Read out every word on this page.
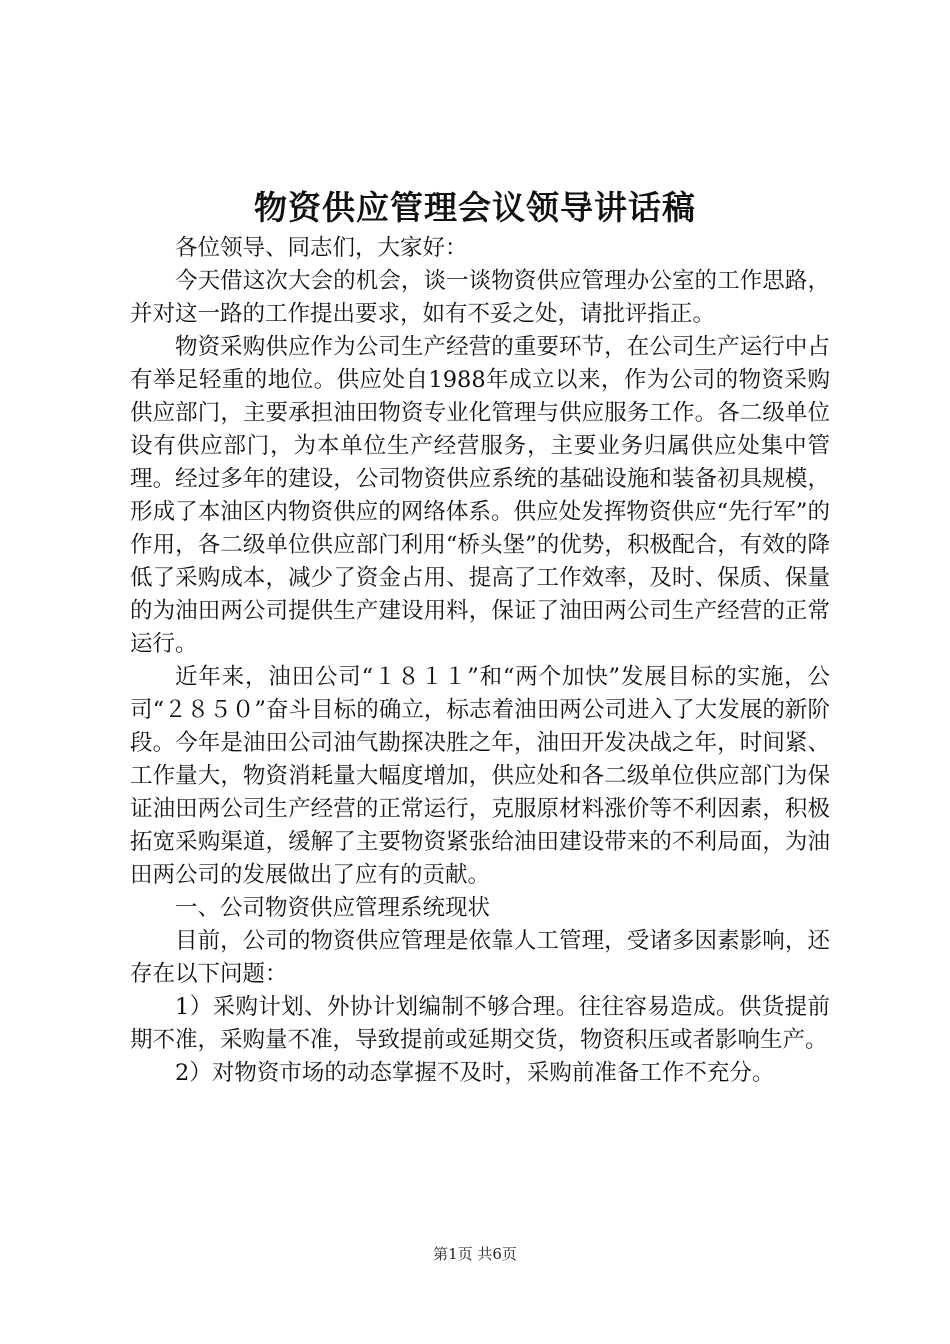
物资供应管理会议领导讲话稿

各位领导、同志们，大家好：

今天借这次大会的机会，谈一谈物资供应管理办公室的工作思路，并对这一路的工作提出要求，如有不妥之处，请批评指正。

物资采购供应作为公司生产经营的重要环节，在公司生产运行中占有举足轻重的地位。供应处自1988年成立以来，作为公司的物资采购供应部门，主要承担油田物资专业化管理与供应服务工作。各二级单位设有供应部门，为本单位生产经营服务，主要业务归属供应处集中管理。经过多年的建设，公司物资供应系统的基础设施和装备初具规模，形成了本油区内物资供应的网络体系。供应处发挥物资供应“先行军”的作用，各二级单位供应部门利用“桥头堡”的优势，积极配合，有效的降低了采购成本，减少了资金占用、提高了工作效率，及时、保质、保量的为油田两公司提供生产建设用料，保证了油田两公司生产经营的正常运行。

近年来，油田公司“１８１１”和“两个加快”发展目标的实施，公司“２８５０”奋斗目标的确立，标志着油田两公司进入了大发展的新阶段。今年是油田公司油气勘探决胜之年，油田开发决战之年，时间紧、工作量大，物资消耗量大幅度增加，供应处和各二级单位供应部门为保证油田两公司生产经营的正常运行，克服原材料涨价等不利因素，积极拓宽采购渠道，缓解了主要物资紧张给油田建设带来的不利局面，为油田两公司的发展做出了应有的贡献。

一、公司物资供应管理系统现状

目前，公司的物资供应管理是依靠人工管理，受诸多因素影响，还存在以下问题：

1）采购计划、外协计划编制不够合理。往往容易造成。供货提前期不准，采购量不准，导致提前或延期交货，物资积压或者影响生产。

2）对物资市场的动态掌握不及时，采购前准备工作不充分。

第1页 共6页
